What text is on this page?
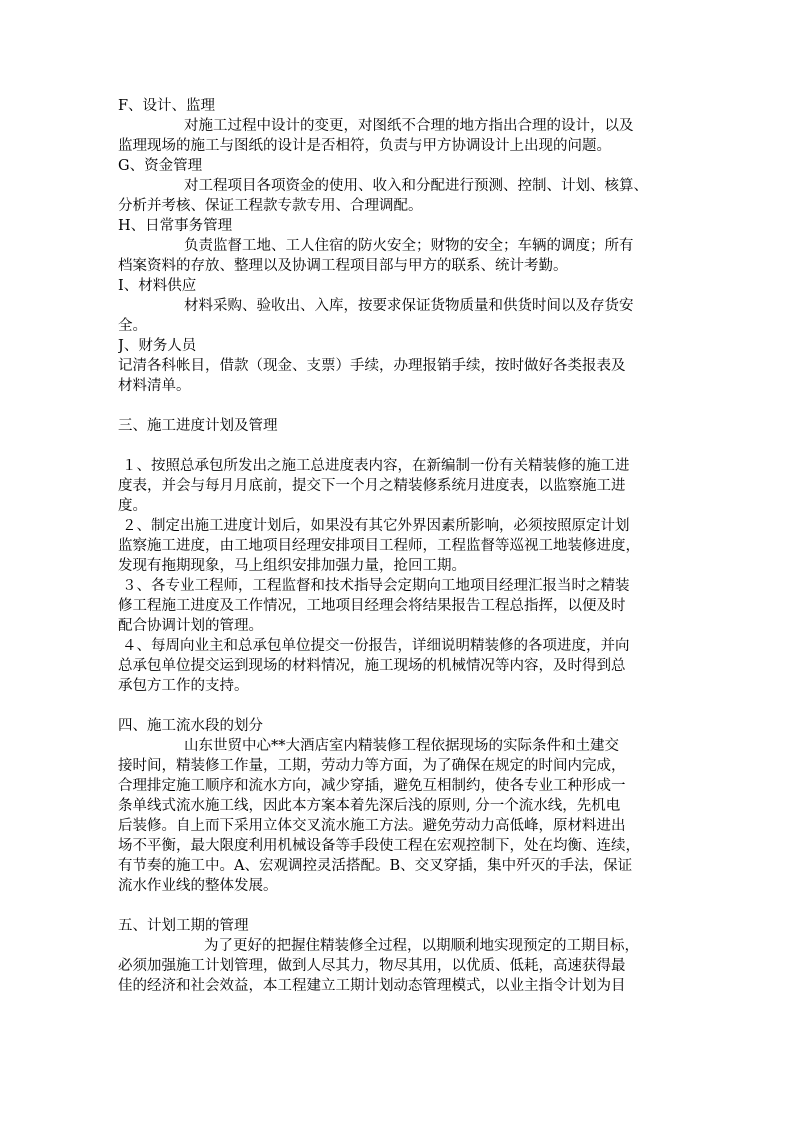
F、设计、监理
对施工过程中设计的变更，对图纸不合理的地方指出合理的设计，以及
监理现场的施工与图纸的设计是否相符，负责与甲方协调设计上出现的问题。
G、资金管理
对工程项目各项资金的使用、收入和分配进行预测、控制、计划、核算、
分析并考核、保证工程款专款专用、合理调配。
H、日常事务管理
负责监督工地、工人住宿的防火安全；财物的安全；车辆的调度；所有
档案资料的存放、整理以及协调工程项目部与甲方的联系、统计考勤。
I、材料供应
材料采购、验收出、入库，按要求保证货物质量和供货时间以及存货安
全。
J、财务人员
记清各科帐目，借款（现金、支票）手续，办理报销手续，按时做好各类报表及
材料清单。
三、施工进度计划及管理
１、按照总承包所发出之施工总进度表内容，在新编制一份有关精装修的施工进
度表，并会与每月月底前，提交下一个月之精装修系统月进度表，以监察施工进
度。
２、制定出施工进度计划后，如果没有其它外界因素所影响，必须按照原定计划
监察施工进度，由工地项目经理安排项目工程师，工程监督等巡视工地装修进度，
发现有拖期现象，马上组织安排加强力量，抢回工期。
３、各专业工程师，工程监督和技术指导会定期向工地项目经理汇报当时之精装
修工程施工进度及工作情况，工地项目经理会将结果报告工程总指挥，以便及时
配合协调计划的管理。
４、每周向业主和总承包单位提交一份报告，详细说明精装修的各项进度，并向
总承包单位提交运到现场的材料情况，施工现场的机械情况等内容，及时得到总
承包方工作的支持。
四、施工流水段的划分
山东世贸中心**大酒店室内精装修工程依据现场的实际条件和土建交
接时间，精装修工作量，工期，劳动力等方面，为了确保在规定的时间内完成，
合理排定施工顺序和流水方向，减少穿插，避免互相制约，使各专业工种形成一
条单线式流水施工线，因此本方案本着先深后浅的原则, 分一个流水线，先机电
后装修。自上而下采用立体交叉流水施工方法。避免劳动力高低峰，原材料进出
场不平衡，最大限度利用机械设备等手段使工程在宏观控制下，处在均衡、连续，
有节奏的施工中。A、宏观调控灵活搭配。B、交叉穿插，集中歼灭的手法，保证
流水作业线的整体发展。
五、计划工期的管理
为了更好的把握住精装修全过程，以期顺利地实现预定的工期目标，
必须加强施工计划管理，做到人尽其力，物尽其用，以优质、低耗，高速获得最
佳的经济和社会效益，本工程建立工期计划动态管理模式，以业主指令计划为目
